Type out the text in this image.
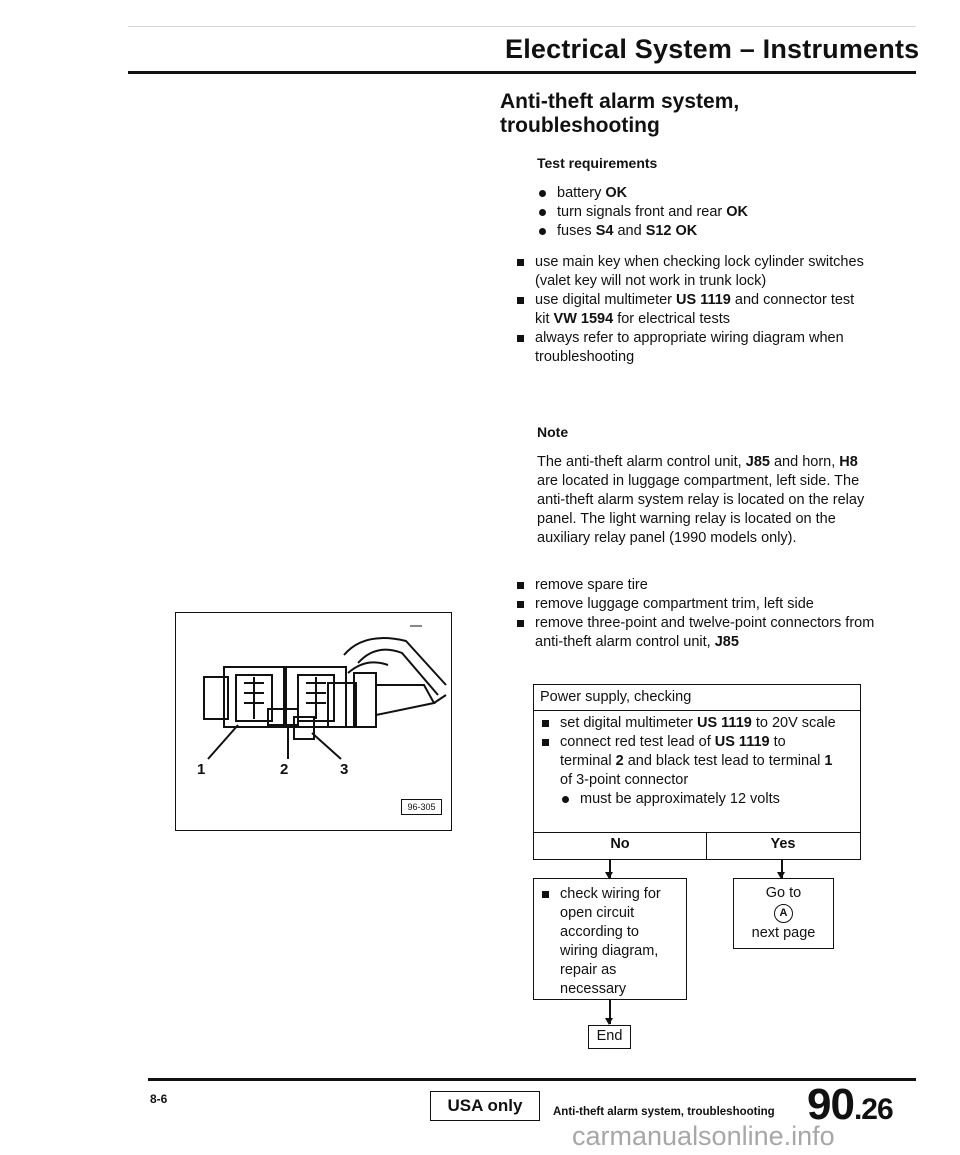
Electrical System – Instruments
Anti-theft alarm system,
troubleshooting
Test requirements
battery OK
turn signals front and rear OK
fuses S4 and S12 OK
use main key when checking lock cylinder switches (valet key will not work in trunk lock)
use digital multimeter US 1119 and connector test kit VW 1594 for electrical tests
always refer to appropriate wiring diagram when troubleshooting
Note
The anti-theft alarm control unit, J85 and horn, H8 are located in luggage compartment, left side. The anti-theft alarm system relay is located on the relay panel. The light warning relay is located on the auxiliary relay panel (1990 models only).
remove spare tire
remove luggage compartment trim, left side
remove three-point and twelve-point connectors from anti-theft alarm control unit, J85
Power supply, checking
set digital multimeter US 1119 to 20V scale
connect red test lead of US 1119 to terminal 2 and black test lead to terminal 1 of 3-point connector
must be approximately 12 volts
No	Yes
check wiring for open circuit according to wiring diagram, repair as necessary
Go to
A
next page
End
1	2	3
96-305
8-6	USA only	Anti-theft alarm system, troubleshooting 90.26
carmanualsonline.info
